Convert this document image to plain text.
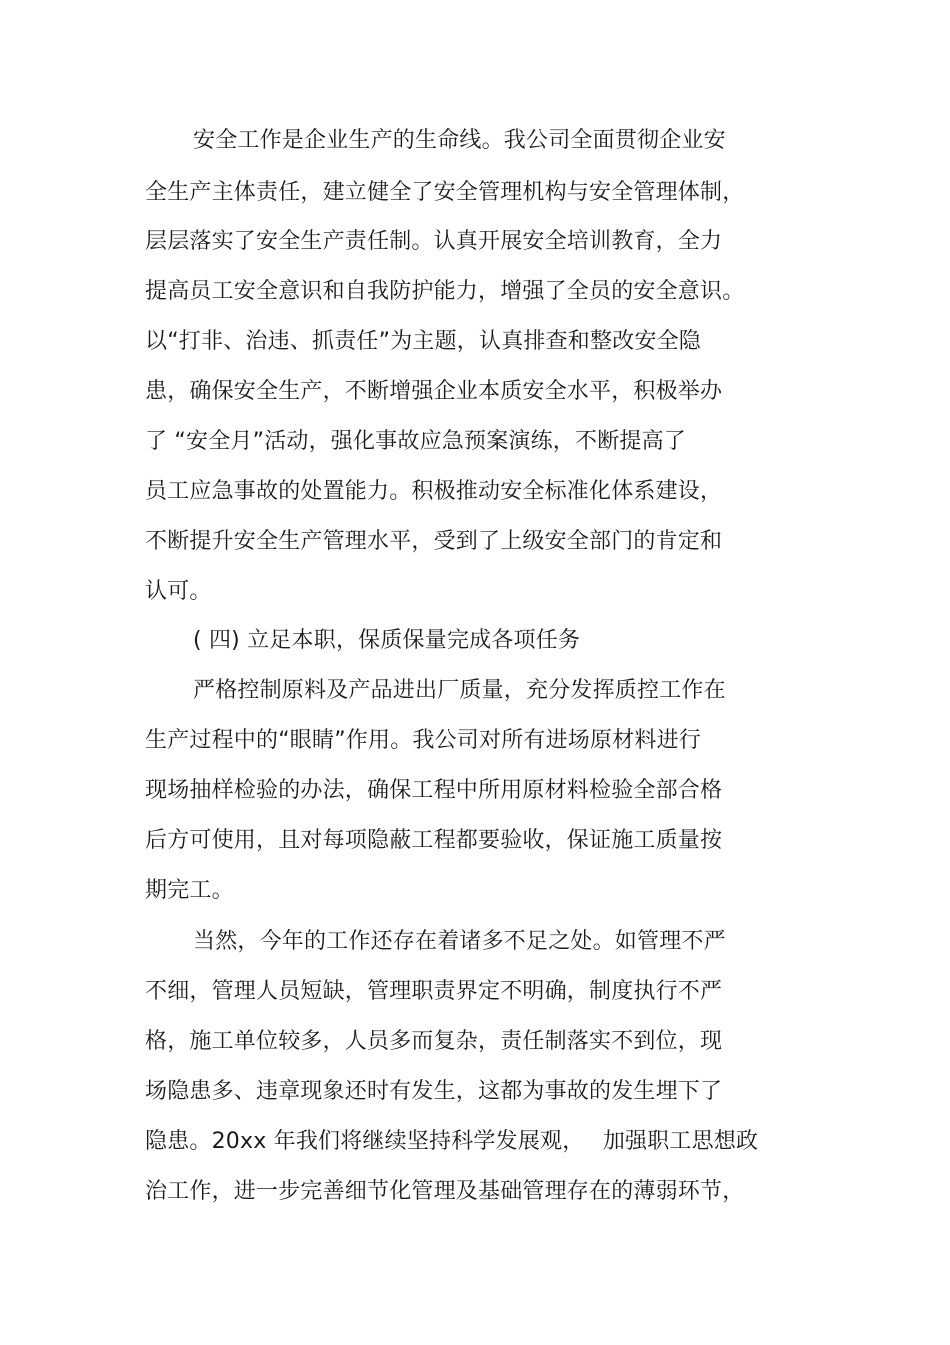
安全工作是企业生产的生命线。我公司全面贯彻企业安
全生产主体责任，建立健全了安全管理机构与安全管理体制，
层层落实了安全生产责任制。认真开展安全培训教育，全力
提高员工安全意识和自我防护能力，增强了全员的安全意识。
以“打非、治违、抓责任”为主题，认真排查和整改安全隐
患，确保安全生产，不断增强企业本质安全水平，积极举办
了 “安全月”活动，强化事故应急预案演练，不断提高了
员工应急事故的处置能力。积极推动安全标准化体系建设，
不断提升安全生产管理水平，受到了上级安全部门的肯定和
认可。
( 四) 立足本职，保质保量完成各项任务
严格控制原料及产品进出厂质量，充分发挥质控工作在
生产过程中的“眼睛”作用。我公司对所有进场原材料进行
现场抽样检验的办法，确保工程中所用原材料检验全部合格
后方可使用，且对每项隐蔽工程都要验收，保证施工质量按
期完工。
当然，今年的工作还存在着诸多不足之处。如管理不严
不细，管理人员短缺，管理职责界定不明确，制度执行不严
格，施工单位较多，人员多而复杂，责任制落实不到位，现
场隐患多、违章现象还时有发生，这都为事故的发生埋下了
隐患。20xx 年我们将继续坚持科学发展观，　 加强职工思想政
治工作，进一步完善细节化管理及基础管理存在的薄弱环节，
